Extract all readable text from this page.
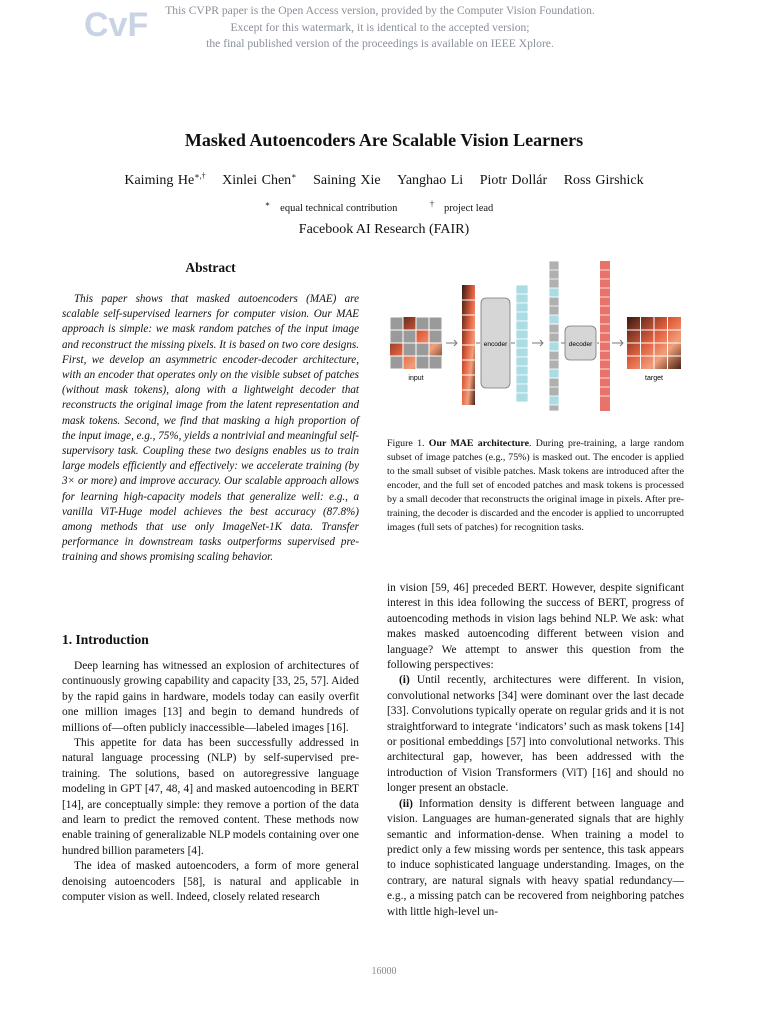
CvF	This CVPR paper is the Open Access version, provided by the Computer Vision Foundation.
Except for this watermark, it is identical to the accepted version;
the final published version of the proceedings is available on IEEE Xplore.
Masked Autoencoders Are Scalable Vision Learners
Kaiming He∗,† Xinlei Chen∗ Saining Xie Yanghao Li Piotr Dollár Ross Girshick
∗ equal technical contribution	† project lead
Facebook AI Research (FAIR)
Abstract

This paper shows that masked autoencoders (MAE) are scalable self-supervised learners for computer vision. Our MAE approach is simple: we mask random patches of the input image and reconstruct the missing pixels. It is based on two core designs. First, we develop an asymmetric encoder-decoder architecture, with an encoder that operates only on the visible subset of patches (without mask tokens), along with a lightweight decoder that reconstructs the original image from the latent representation and mask tokens. Second, we find that masking a high proportion of the input image, e.g., 75%, yields a nontrivial and meaningful self-supervisory task. Coupling these two designs enables us to train large models efficiently and effectively: we accelerate training (by 3× or more) and improve accuracy. Our scalable approach allows for learning high-capacity models that generalize well: e.g., a vanilla ViT-Huge model achieves the best accuracy (87.8%) among methods that use only ImageNet-1K data. Transfer performance in downstream tasks outperforms supervised pre-training and shows promising scaling behavior.

input
encoder	decoder
target
Figure 1. Our MAE architecture. During pre-training, a large random subset of image patches (e.g., 75%) is masked out. The encoder is applied to the small subset of visible patches. Mask tokens are introduced after the encoder, and the full set of encoded patches and mask tokens is processed by a small decoder that reconstructs the original image in pixels. After pre-training, the decoder is discarded and the encoder is applied to uncorrupted images (full sets of patches) for recognition tasks.
1. Introduction

Deep learning has witnessed an explosion of architectures of continuously growing capability and capacity [33, 25, 57]. Aided by the rapid gains in hardware, models today can easily overfit one million images [13] and begin to demand hundreds of millions of—often publicly inaccessible—labeled images [16].

This appetite for data has been successfully addressed in natural language processing (NLP) by self-supervised pre-training. The solutions, based on autoregressive language modeling in GPT [47, 48, 4] and masked autoencoding in BERT [14], are conceptually simple: they remove a portion of the data and learn to predict the removed content. These methods now enable training of generalizable NLP models containing over one hundred billion parameters [4].

The idea of masked autoencoders, a form of more general denoising autoencoders [58], is natural and applicable in computer vision as well. Indeed, closely related research

in vision [59, 46] preceded BERT. However, despite significant interest in this idea following the success of BERT, progress of autoencoding methods in vision lags behind NLP. We ask: what makes masked autoencoding different between vision and language? We attempt to answer this question from the following perspectives:

(i) Until recently, architectures were different. In vision, convolutional networks [34] were dominant over the last decade [33]. Convolutions typically operate on regular grids and it is not straightforward to integrate ‘indicators’ such as mask tokens [14] or positional embeddings [57] into convolutional networks. This architectural gap, however, has been addressed with the introduction of Vision Transformers (ViT) [16] and should no longer present an obstacle.

(ii) Information density is different between language and vision. Languages are human-generated signals that are highly semantic and information-dense. When training a model to predict only a few missing words per sentence, this task appears to induce sophisticated language understanding. Images, on the contrary, are natural signals with heavy spatial redundancy—e.g., a missing patch can be recovered from neighboring patches with little high-level un-

16000
